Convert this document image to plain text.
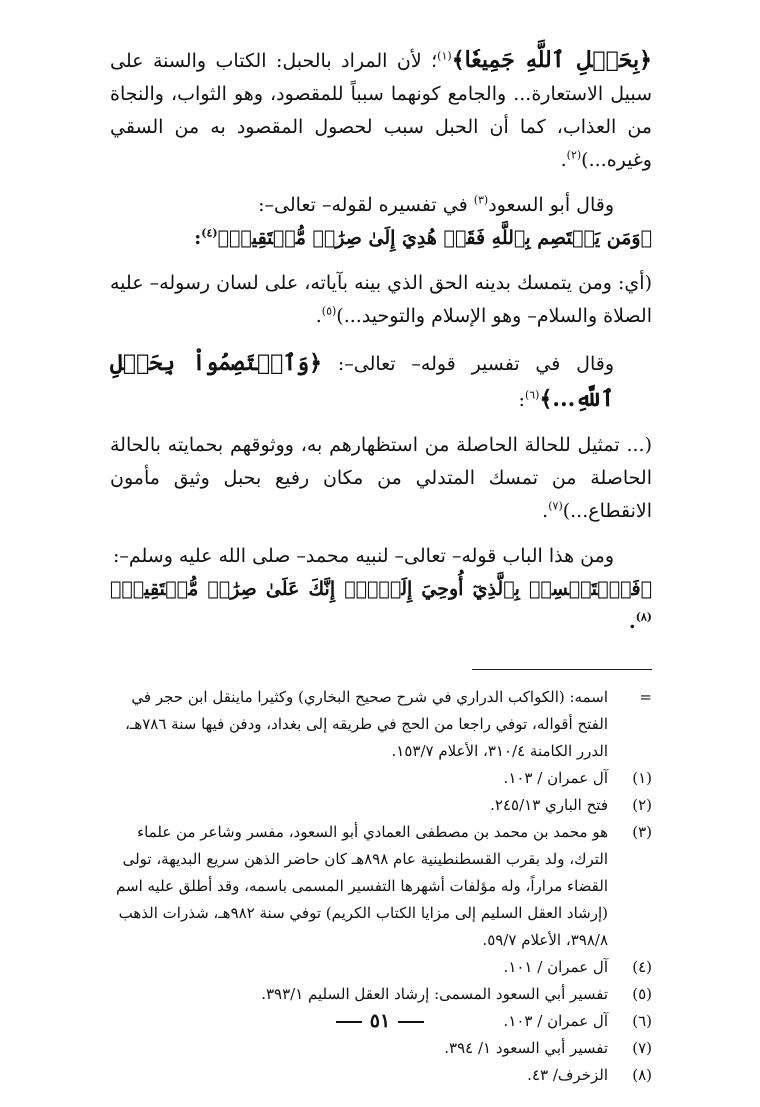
﴿بِحَبۡلِ ٱللَّهِ جَمِيعٗا﴾$^{(١)}$؛ لأن المراد بالحبل: الكتاب والسنة على سبيل الاستعارة... والجامع كونهما سبباً للمقصود، وهو الثواب، والنجاة من العذاب، كما أن الحبل سبب لحصول المقصود به من السقي وغيره...)$^{(٢)}$.

وقال أبو السعود$^{(٣)}$ في تفسيره لقوله– تعالى–:

﴿وَمَن يَعۡتَصِم بِٱللَّهِ فَقَدۡ هُدِيَ إِلَىٰ صِرَٰطٖ مُّسۡتَقِيمٖ﴾$^{(٤)}$:

(أي: ومن يتمسك بدينه الحق الذي بينه بآياته، على لسان رسوله– عليه الصلاة والسلام– وهو الإسلام والتوحيد...)$^{(٥)}$.

وقال في تفسير قوله– تعالى–: ﴿وَٱعۡتَصِمُواْ بِحَبۡلِ ٱللَّهِ...﴾$^{(٦)}$:

(... تمثيل للحالة الحاصلة من استظهارهم به، ووثوقهم بحمايته بالحالة الحاصلة من تمسك المتدلي من مكان رفيع بحبل وثيق مأمون الانقطاع...)$^{(٧)}$.

ومن هذا الباب قوله– تعالى– لنبيه محمد– صلى الله عليه وسلم–:

﴿فَٱسۡتَمۡسِكۡ بِٱلَّذِيٓ أُوحِيَ إِلَيۡكَۖ إِنَّكَ عَلَىٰ صِرَٰطٖ مُّسۡتَقِيمٖ﴾$^{(٨)}$.

=
اسمه: (الكواكب الدراري في شرح صحيح البخاري) وكثيرا ماينقل ابن حجر في الفتح أقواله، توفي راجعا من الحج في طريقه إلى بغداد، ودفن فيها سنة ٧٨٦هـ، الدرر الكامنة ٣١٠/٤، الأعلام ١٥٣/٧.

(١)
آل عمران / ١٠٣.

(٢)
فتح الباري ٢٤٥/١٣.

(٣)
هو محمد بن محمد بن مصطفى العمادي أبو السعود، مفسر وشاعر من علماء الترك، ولد بقرب القسطنطينية عام ٨٩٨هـ كان حاضر الذهن سريع البديهة، تولى القضاء مراراً، وله مؤلفات أشهرها التفسير المسمى باسمه، وقد أطلق عليه اسم (إرشاد العقل السليم إلى مزايا الكتاب الكريم) توفي سنة ٩٨٢هـ، شذرات الذهب ٣٩٨/٨، الأعلام ٥٩/٧.

(٤)
آل عمران / ١٠١.

(٥)
تفسير أبي السعود المسمى: إرشاد العقل السليم ٣٩٣/١.

(٦)
آل عمران / ١٠٣.

(٧)
تفسير أبي السعود ١/ ٣٩٤.

(٨)
الزخرف/ ٤٣.

٥١
